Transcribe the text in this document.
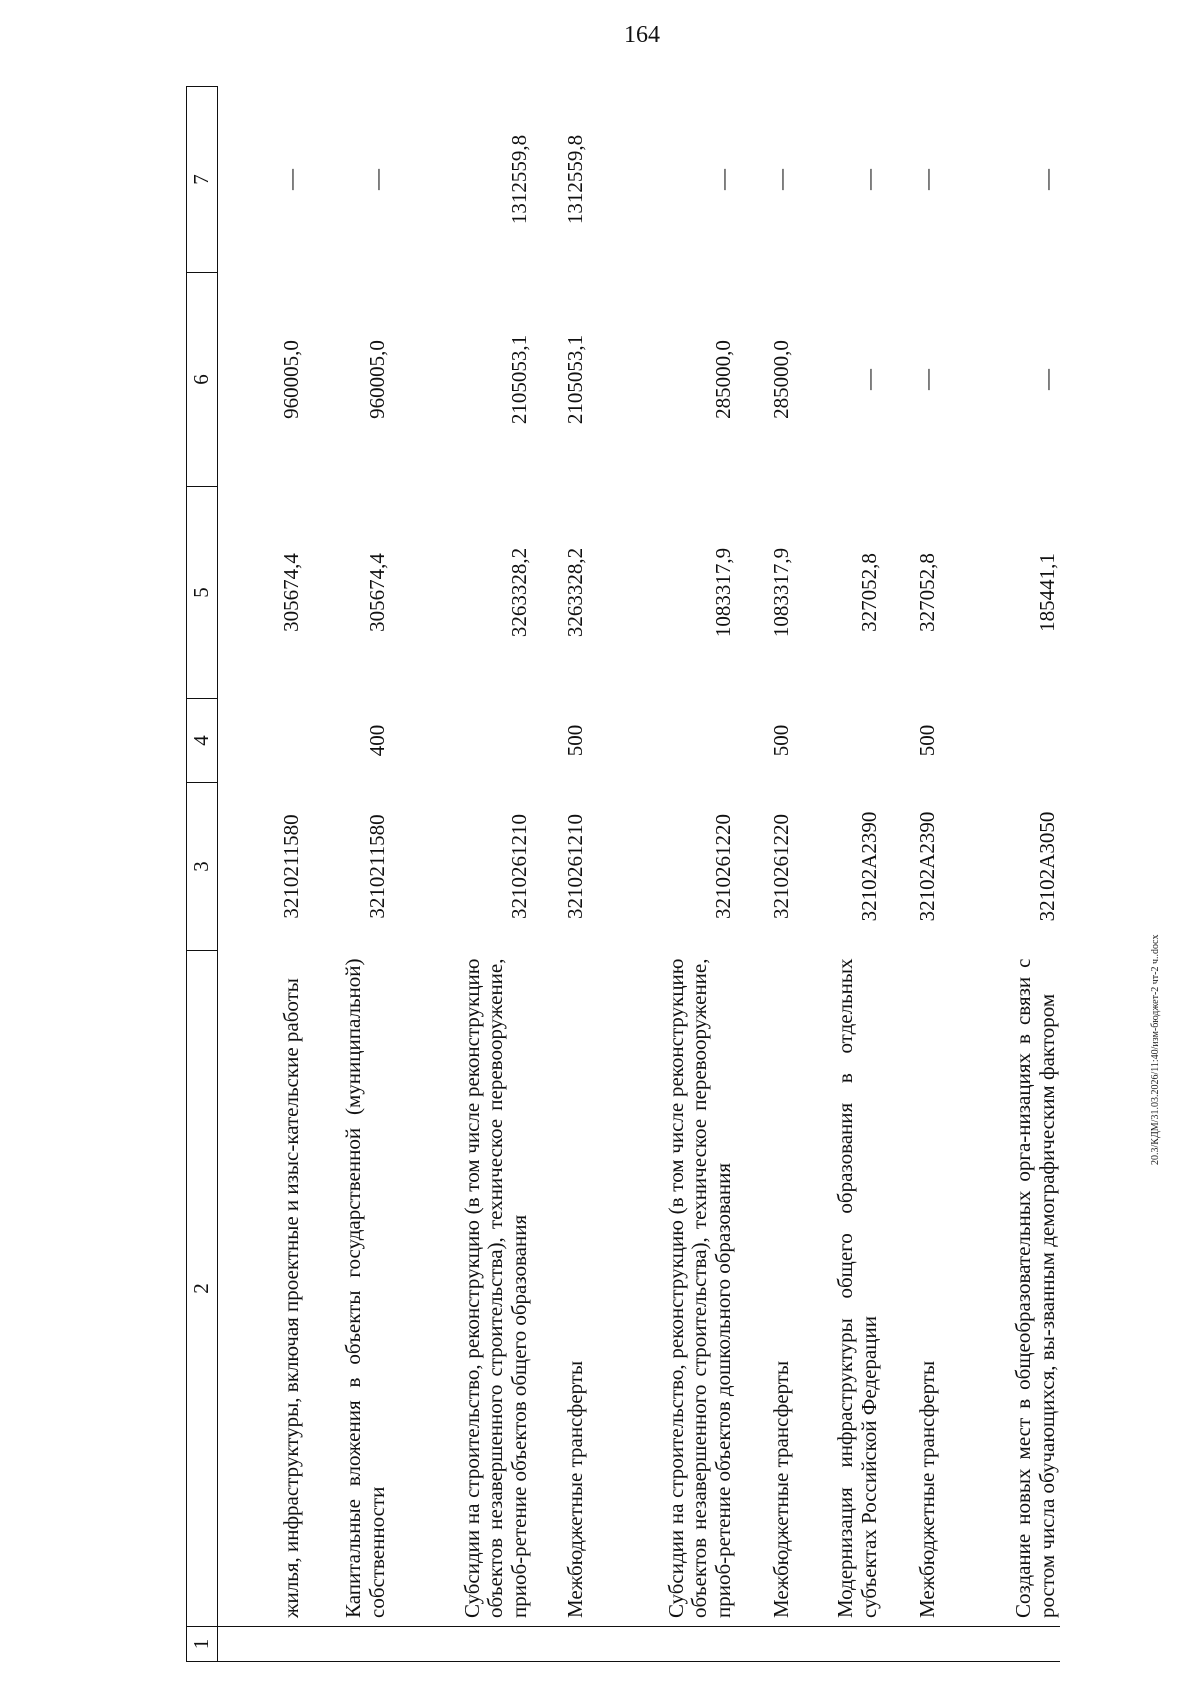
164
20.3/КДМ/31.03.2026/11:40/изм-бюджет-2 чт-2 ч..docx
1	2	3	4	5	6	7
	жилья, инфраструктуры, включая проектные и изыс-кательские работы	3210211580		305674,4	960005,0	—
	Капитальные вложения в объекты государственной (муниципальной) собственности	3210211580	400	305674,4	960005,0	—
	Субсидии на строительство, реконструкцию (в том числе реконструкцию объектов незавершенного строительства), техническое перевооружение, приоб-ретение объектов общего образования	3210261210		3263328,2	2105053,1	1312559,8
	Межбюджетные трансферты	3210261210	500	3263328,2	2105053,1	1312559,8
	Субсидии на строительство, реконструкцию (в том числе реконструкцию объектов незавершенного строительства), техническое перевооружение, приоб-ретение объектов дошкольного образования	3210261220		1083317,9	285000,0	—
	Межбюджетные трансферты	3210261220	500	1083317,9	285000,0	—
	Модернизация инфраструктуры общего образования в отдельных субъектах Российской Федерации	32102А2390		327052,8	—	—
	Межбюджетные трансферты	32102А2390	500	327052,8	—	—
	Создание новых мест в общеобразовательных орга-низациях в связи с ростом числа обучающихся, вы-званным демографическим фактором	32102А3050		185441,1	—	—
